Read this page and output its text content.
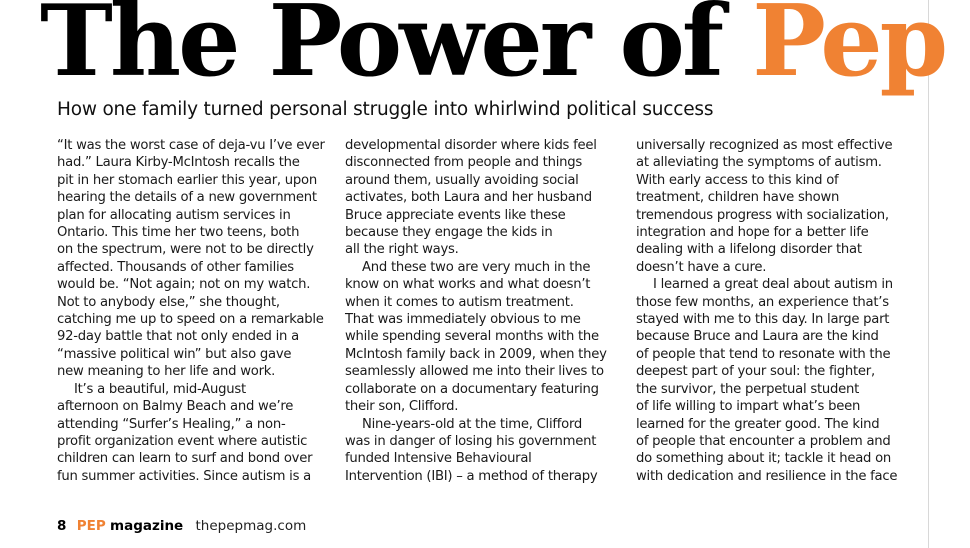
The Power of Pep
How one family turned personal struggle into whirlwind political success
“It was the worst case of deja-vu I’ve ever
had.” Laura Kirby-McIntosh recalls the
pit in her stomach earlier this year, upon
hearing the details of a new government
plan for allocating autism services in
Ontario. This time her two teens, both
on the spectrum, were not to be directly
affected. Thousands of other families
would be. “Not again; not on my watch.
Not to anybody else,” she thought,
catching me up to speed on a remarkable
92-day battle that not only ended in a
“massive political win” but also gave
new meaning to her life and work.
It’s a beautiful, mid-August
afternoon on Balmy Beach and we’re
attending “Surfer’s Healing,” a non-
profit organization event where autistic
children can learn to surf and bond over
fun summer activities. Since autism is a
developmental disorder where kids feel
disconnected from people and things
around them, usually avoiding social
activates, both Laura and her husband
Bruce appreciate events like these
because they engage the kids in
all the right ways.
And these two are very much in the
know on what works and what doesn’t
when it comes to autism treatment.
That was immediately obvious to me
while spending several months with the
McIntosh family back in 2009, when they
seamlessly allowed me into their lives to
collaborate on a documentary featuring
their son, Clifford.
Nine-years-old at the time, Clifford
was in danger of losing his government
funded Intensive Behavioural
Intervention (IBI) – a method of therapy
universally recognized as most effective
at alleviating the symptoms of autism.
With early access to this kind of
treatment, children have shown
tremendous progress with socialization,
integration and hope for a better life
dealing with a lifelong disorder that
doesn’t have a cure.
I learned a great deal about autism in
those few months, an experience that’s
stayed with me to this day. In large part
because Bruce and Laura are the kind
of people that tend to resonate with the
deepest part of your soul: the fighter,
the survivor, the perpetual student
of life willing to impart what’s been
learned for the greater good. The kind
of people that encounter a problem and
do something about it; tackle it head on
with dedication and resilience in the face
8 PEP magazine thepepmag.com
